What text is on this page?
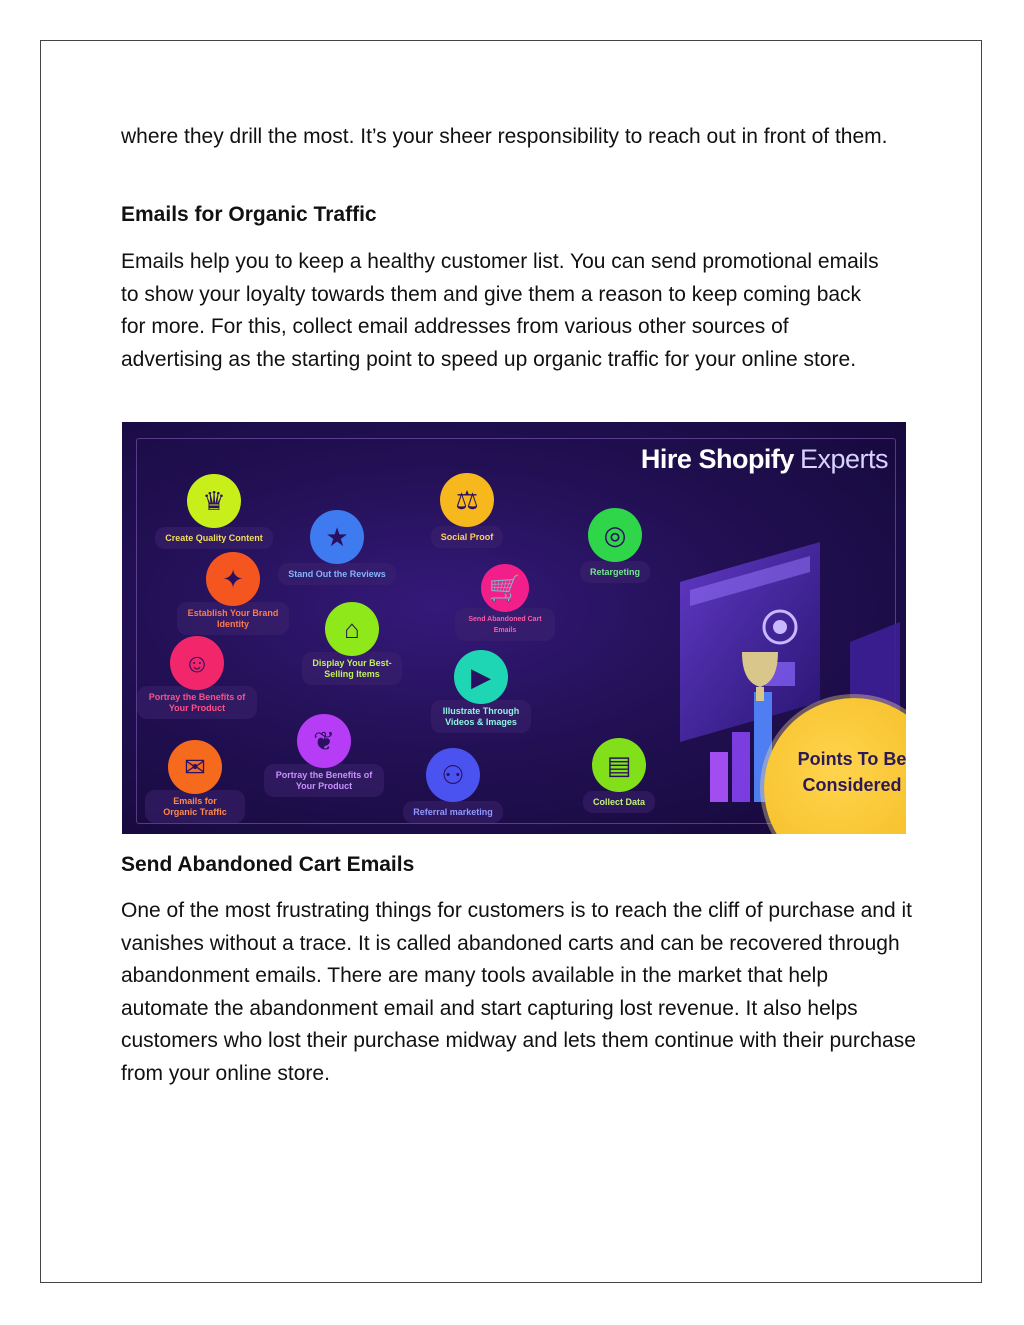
where they drill the most. It’s your sheer responsibility to reach out in front of them.

Emails for Organic Traffic

Emails help you to keep a healthy customer list. You can send promotional emails to show your loyalty towards them and give them a reason to keep coming back for more. For this, collect email addresses from various other sources of advertising as the starting point to speed up organic traffic for your online store.

Hire Shopify Experts
♛
Create Quality Content	★
Stand Out the Reviews
⚖
Social Proof	◎
Retargeting
✦
Establish Your Brand Identity
🛒
Send Abandoned Cart Emails
⌂
Display Your Best-Selling Items
☺
Portray the Benefits of Your Product
▶
Illustrate Through Videos & Images
❦
Portray the Benefits of Your Product
✉
Emails for Organic Traffic
⚇
Referral marketing
▤
Collect Data
Points To Be Considered
Send Abandoned Cart Emails

One of the most frustrating things for customers is to reach the cliff of purchase and it vanishes without a trace. It is called abandoned carts and can be recovered through abandonment emails. There are many tools available in the market that help automate the abandonment email and start capturing lost revenue. It also helps customers who lost their purchase midway and lets them continue with their purchase from your online store.
